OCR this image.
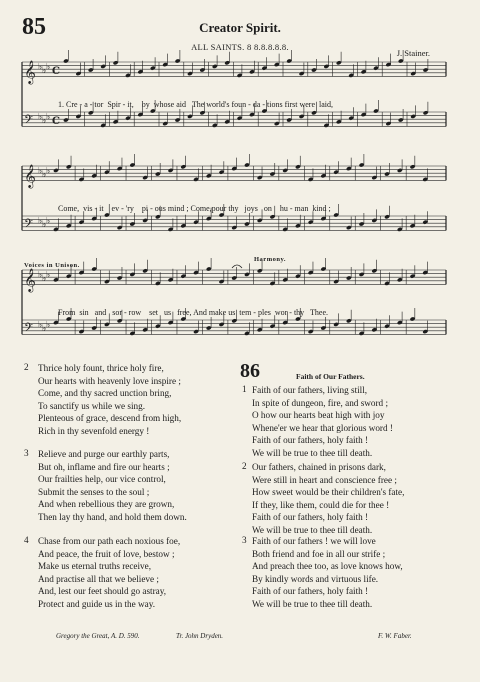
85	Creator Spirit.
ALL SAINTS. 8 8.8.8.8.8.
J. Stainer.
𝄞 ♭ ♭ ♭ C
𝄢 ♭ ♭ ♭ C
𝄞 ♭ ♭ ♭
𝄢 ♭ ♭ ♭
𝄞 ♭ ♭ ♭
𝄢 ♭ ♭ ♭
1. Cre - a - tor  Spir - it,    by  whose aid   The world's foun - da - tions first were  laid,
Come,  vis - it    ev - 'ry    pi - ous mind ; Come,pour thy   joys   on    hu - man  kind ;
From  sin   and   sor - row    set   us   free, And make us  tem - ples  wor - thy   Thee.
Voices in Unison.
Harmony.
2 Thrice holy fount, thrice holy fire,
Our hearts with heavenly love inspire ;
Come, and thy sacred unction bring,
To sanctify us while we sing.
Plenteous of grace, descend from high,
Rich in thy sevenfold energy !
3 Relieve and purge our earthly parts,
But oh, inflame and fire our hearts ;
Our frailties help, our vice control,
Submit the senses to the soul ;
And when rebellious they are grown,
Then lay thy hand, and hold them down.
4 Chase from our path each noxious foe,
And peace, the fruit of love, bestow ;
Make us eternal truths receive,
And practise all that we believe ;
And, lest our feet should go astray,
Protect and guide us in the way.
86	Faith of Our Fathers.
1 Faith of our fathers, living still,
In spite of dungeon, fire, and sword ;
O how our hearts beat high with joy
Whene'er we hear that glorious word !
Faith of our fathers, holy faith !
We will be true to thee till death.
2 Our fathers, chained in prisons dark,
Were still in heart and conscience free ;
How sweet would be their children's fate,
If they, like them, could die for thee !
Faith of our fathers, holy faith !
We will be true to thee till death.
3 Faith of our fathers ! we will love
Both friend and foe in all our strife ;
And preach thee too, as love knows how,
By kindly words and virtuous life.
Faith of our fathers, holy faith !
We will be true to thee till death.
Gregory the Great, A. D. 590.	Tr. John Dryden.	F. W. Faber.
